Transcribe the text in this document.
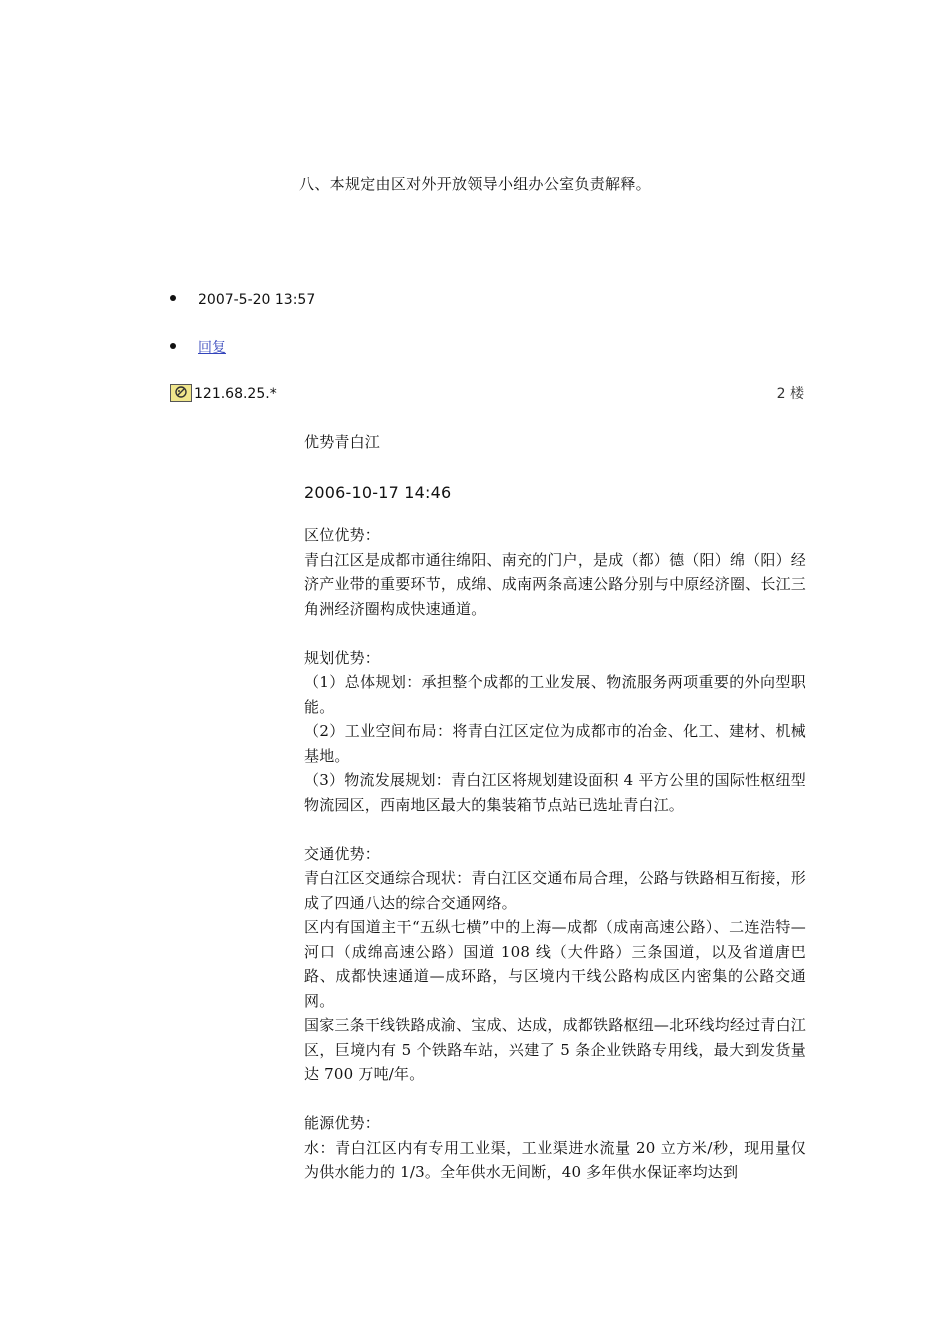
八、本规定由区对外开放领导小组办公室负责解释。
2007-5-20 13:57
回复
121.68.25.*	2 楼

优势青白江

2006-10-17 14:46

区位优势：

青白江区是成都市通往绵阳、南充的门户，是成（都）德（阳）绵（阳）经济产业带的重要环节，成绵、成南两条高速公路分别与中原经济圈、长江三角洲经济圈构成快速通道。

规划优势：

（1）总体规划：承担整个成都的工业发展、物流服务两项重要的外向型职能。

（2）工业空间布局：将青白江区定位为成都市的冶金、化工、建材、机械基地。

（3）物流发展规划：青白江区将规划建设面积 4 平方公里的国际性枢纽型物流园区，西南地区最大的集装箱节点站已选址青白江。

交通优势：

青白江区交通综合现状：青白江区交通布局合理，公路与铁路相互衔接，形成了四通八达的综合交通网络。

区内有国道主干“五纵七横”中的上海—成都（成南高速公路）、二连浩特—河口（成绵高速公路）国道 108 线（大件路）三条国道，以及省道唐巴路、成都快速通道—成环路，与区境内干线公路构成区内密集的公路交通网。

国家三条干线铁路成渝、宝成、达成，成都铁路枢纽—北环线均经过青白江区，巨境内有 5 个铁路车站，兴建了 5 条企业铁路专用线，最大到发货量达 700 万吨/年。

能源优势：

水：青白江区内有专用工业渠，工业渠进水流量 20 立方米/秒，现用量仅为供水能力的 1/3。全年供水无间断，40 多年供水保证率均达到
